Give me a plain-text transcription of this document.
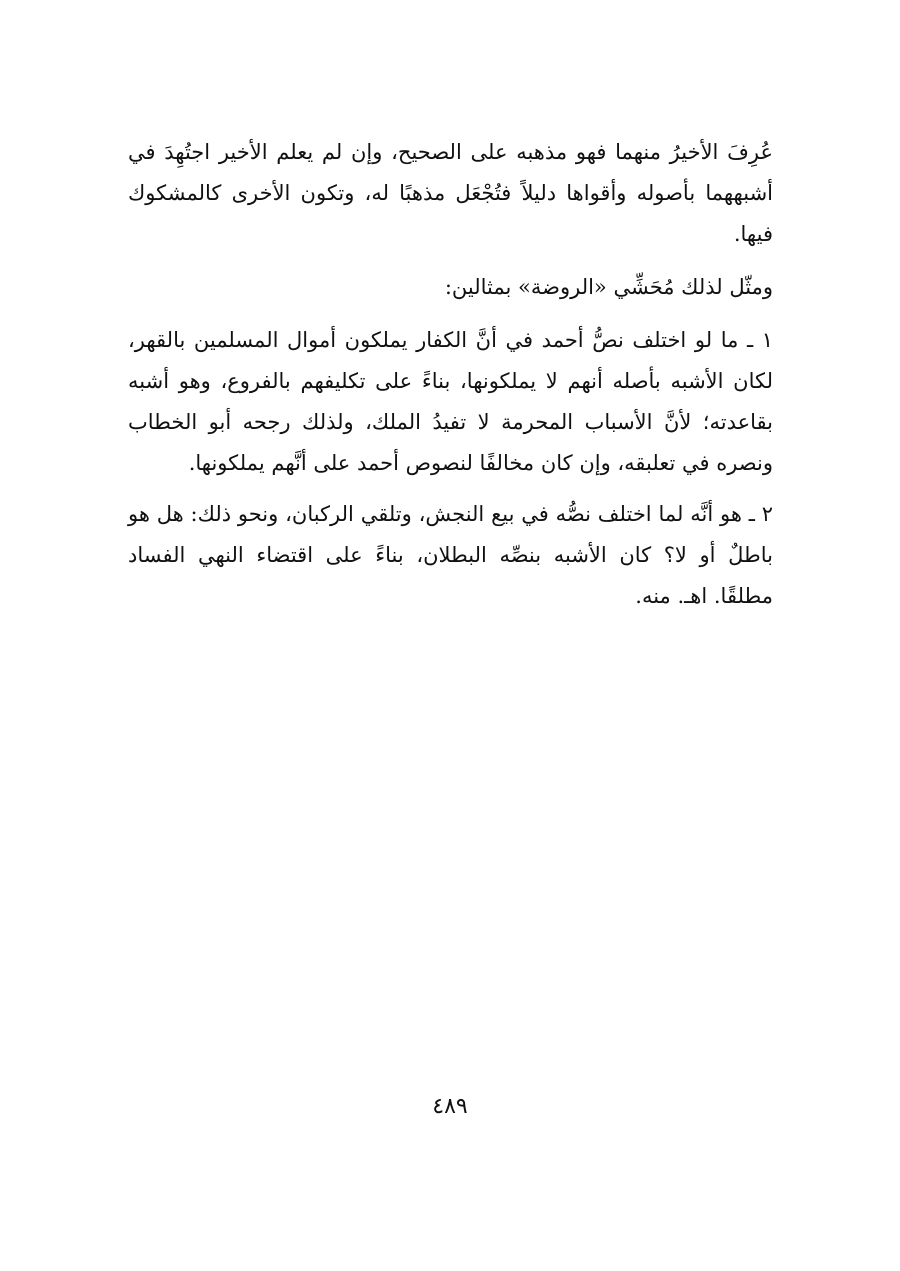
عُرِفَ الأخيرُ منهما فهو مذهبه على الصحيح، وإن لم يعلم الأخير اجتُهِدَ في أشبههما بأصوله وأقواها دليلاً فتُجْعَل مذهبًا له، وتكون الأخرى كالمشكوك فيها.

ومثّل لذلك مُحَشِّي «الروضة» بمثالين:

١ ـ ما لو اختلف نصُّ أحمد في أنَّ الكفار يملكون أموال المسلمين بالقهر، لكان الأشبه بأصله أنهم لا يملكونها، بناءً على تكليفهم بالفروع، وهو أشبه بقاعدته؛ لأنَّ الأسباب المحرمة لا تفيدُ الملك، ولذلك رجحه أبو الخطاب ونصره في تعلبقه، وإن كان مخالفًا لنصوص أحمد على أنَّهم يملكونها.

٢ ـ هو أنَّه لما اختلف نصُّه في بيع النجش، وتلقي الركبان، ونحو ذلك: هل هو باطلٌ أو لا؟ كان الأشبه بنصِّه البطلان، بناءً على اقتضاء النهي الفساد مطلقًا. اهـ. منه.

٤٨٩
